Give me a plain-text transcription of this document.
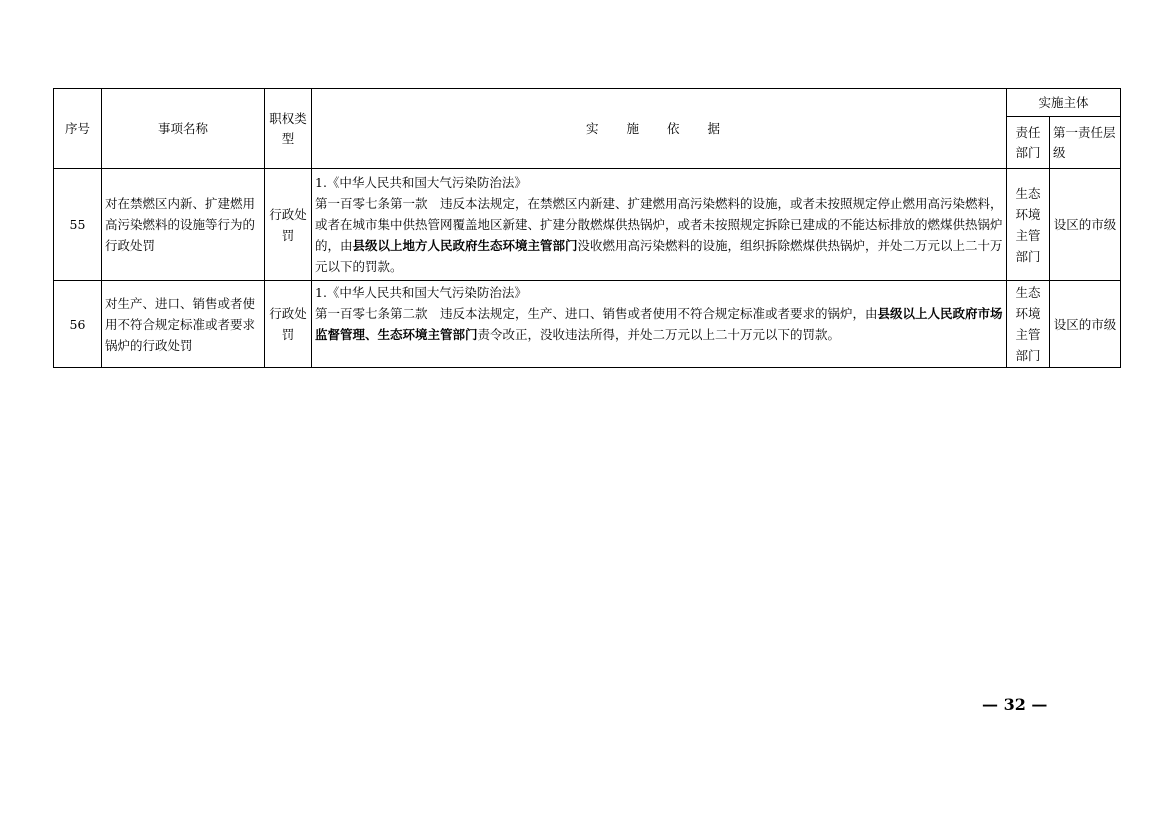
序号	事项名称	职权类型	实 施 依 据	实施主体	
				责任部门	第一责任层级
55	对在禁燃区内新、扩建燃用高污染燃料的设施等行为的行政处罚	行政处罚	1.《中华人民共和国大气污染防治法》
第一百零七条第一款　违反本法规定，在禁燃区内新建、扩建燃用高污染燃料的设施，或者未按照规定停止燃用高污染燃料，或者在城市集中供热管网覆盖地区新建、扩建分散燃煤供热锅炉，或者未按照规定拆除已建成的不能达标排放的燃煤供热锅炉的，由县级以上地方人民政府生态环境主管部门没收燃用高污染燃料的设施，组织拆除燃煤供热锅炉，并处二万元以上二十万元以下的罚款。	生态环境主管部门	设区的市级
56	对生产、进口、销售或者使用不符合规定标准或者要求锅炉的行政处罚	行政处罚	1.《中华人民共和国大气污染防治法》
第一百零七条第二款　违反本法规定，生产、进口、销售或者使用不符合规定标准或者要求的锅炉，由县级以上人民政府市场监督管理、生态环境主管部门责令改正，没收违法所得，并处二万元以上二十万元以下的罚款。	生态环境主管部门	设区的市级
— 32 —
